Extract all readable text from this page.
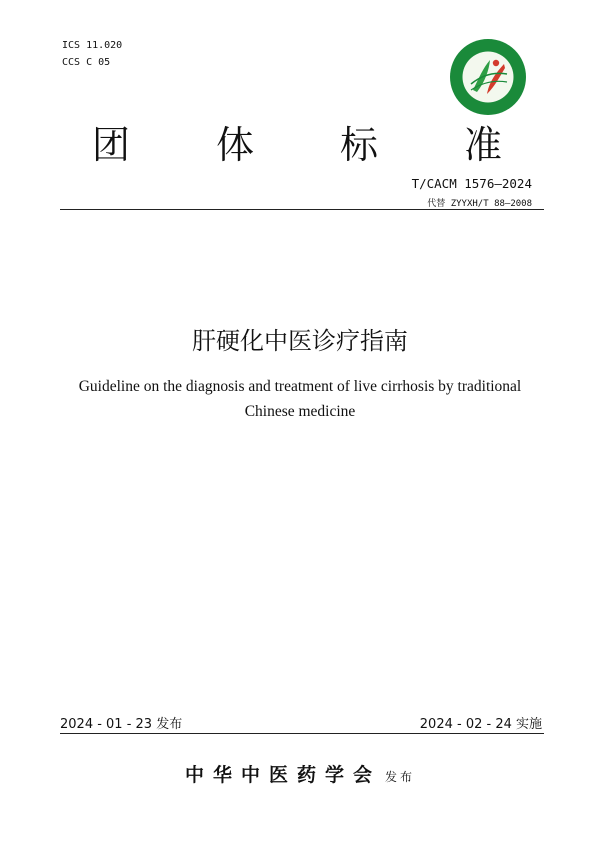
ICS 11.020
CCS C 05
团 体 标 准
T/CACM 1576—2024
代替 ZYYXH/T 88—2008
肝硬化中医诊疗指南
Guideline on the diagnosis and treatment of live cirrhosis by traditional Chinese medicine
2024 - 01 - 23 发布	2024 - 02 - 24 实施
中华中医药学会 发布
